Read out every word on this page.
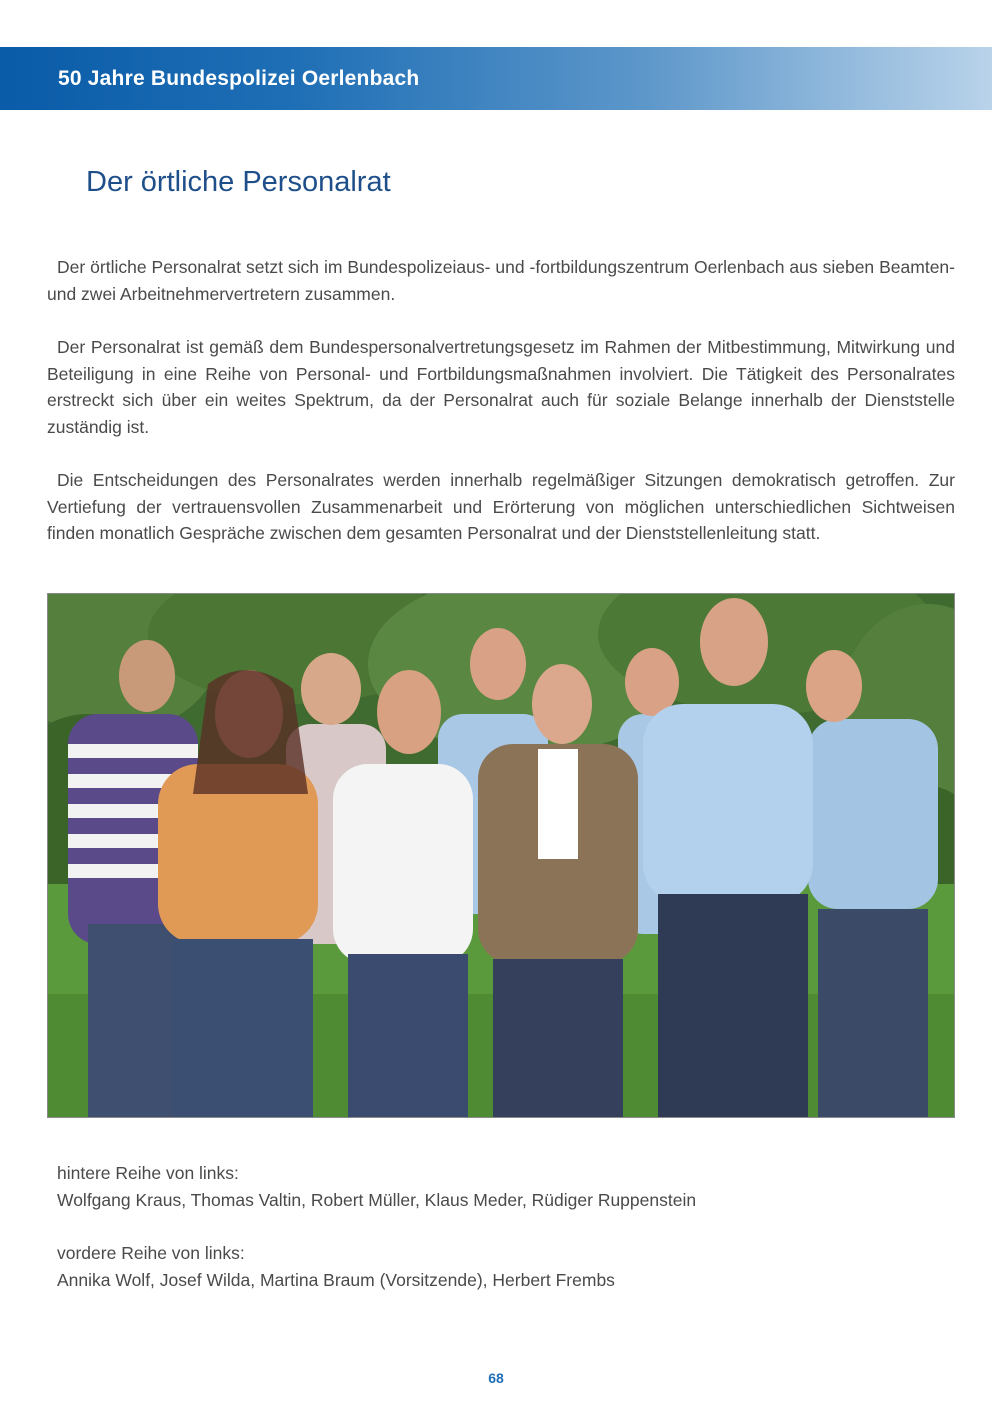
50 Jahre Bundespolizei Oerlenbach
Der örtliche Personalrat

Der örtliche Personalrat setzt sich im Bundespolizeiaus- und -fortbildungszentrum Oerlenbach aus sieben Beamten- und zwei Arbeitnehmervertretern zusammen.

Der Personalrat ist gemäß dem Bundespersonalvertretungsgesetz im Rahmen der Mitbestimmung, Mitwirkung und Beteiligung in eine Reihe von Personal- und Fortbildungsmaßnahmen involviert. Die Tätigkeit des Personalrates erstreckt sich über ein weites Spektrum, da der Personalrat auch für soziale Belange innerhalb der Dienststelle zuständig ist.

Die Entscheidungen des Personalrates werden innerhalb regelmäßiger Sitzungen demokratisch getroffen. Zur Vertiefung der vertrauensvollen Zusammenarbeit und Erörterung von möglichen unterschiedlichen Sichtweisen finden monatlich Gespräche zwischen dem gesamten Personalrat und der Dienststellenleitung statt.

hintere Reihe von links:

Wolfgang Kraus, Thomas Valtin, Robert Müller, Klaus Meder, Rüdiger Ruppenstein

vordere Reihe von links:

Annika Wolf, Josef Wilda, Martina Braum (Vorsitzende), Herbert Frembs

68
